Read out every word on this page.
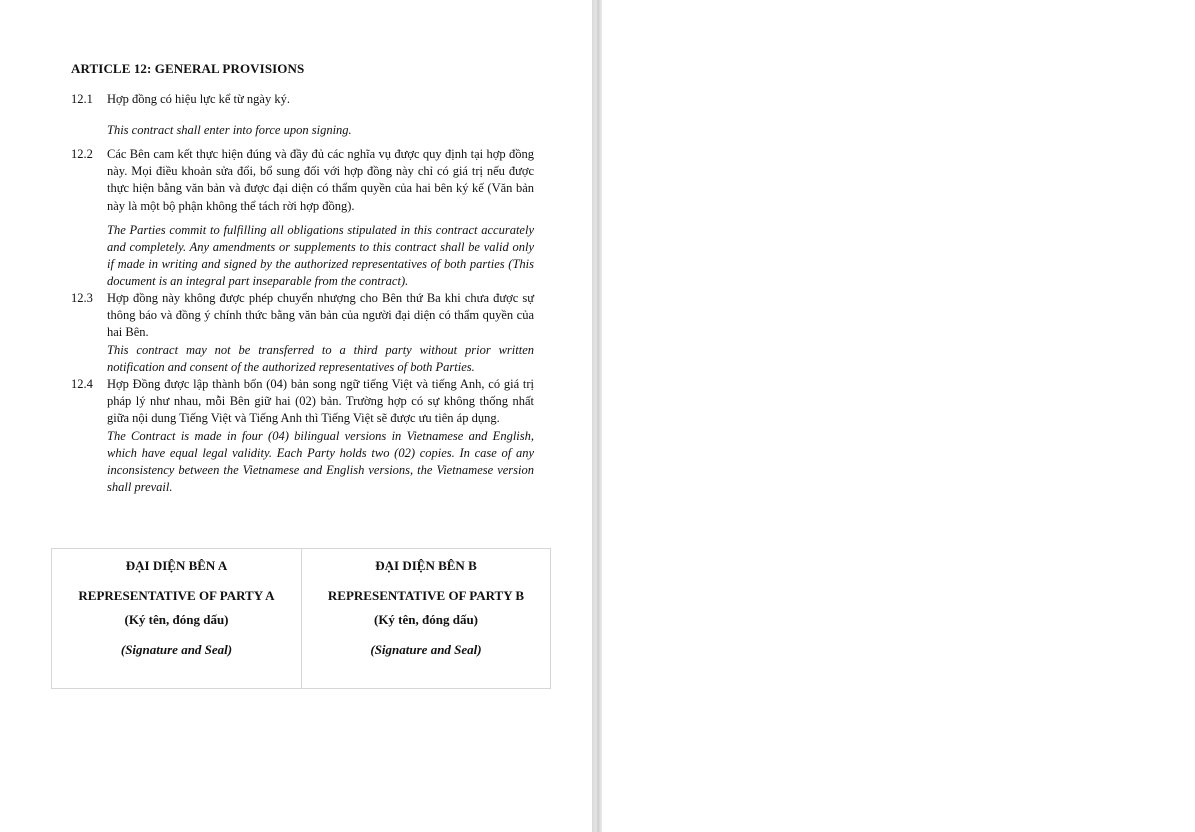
ARTICLE 12: GENERAL PROVISIONS
12.1	Hợp đồng có hiệu lực kể từ ngày ký.
This contract shall enter into force upon signing.
12.2	Các Bên cam kết thực hiện đúng và đầy đủ các nghĩa vụ được quy định tại hợp đồng này. Mọi điều khoản sửa đổi, bổ sung đối với hợp đồng này chỉ có giá trị nếu được thực hiện bằng văn bản và được đại diện có thẩm quyền của hai bên ký kế (Văn bản này là một bộ phận không thể tách rời hợp đồng).
The Parties commit to fulfilling all obligations stipulated in this contract accurately and completely. Any amendments or supplements to this contract shall be valid only if made in writing and signed by the authorized representatives of both parties (This document is an integral part inseparable from the contract).
12.3	Hợp đồng này không được phép chuyển nhượng cho Bên thứ Ba khi chưa được sự thông báo và đồng ý chính thức bằng văn bản của người đại diện có thẩm quyền của hai Bên.
This contract may not be transferred to a third party without prior written notification and consent of the authorized representatives of both Parties.
12.4	Hợp Đồng được lập thành bốn (04) bản song ngữ tiếng Việt và tiếng Anh, có giá trị pháp lý như nhau, mỗi Bên giữ hai (02) bản. Trường hợp có sự không thống nhất giữa nội dung Tiếng Việt và Tiếng Anh thì Tiếng Việt sẽ được ưu tiên áp dụng.
The Contract is made in four (04) bilingual versions in Vietnamese and English, which have equal legal validity. Each Party holds two (02) copies. In case of any inconsistency between the Vietnamese and English versions, the Vietnamese version shall prevail.
ĐẠI DIỆN BÊN A
REPRESENTATIVE OF PARTY A
(Ký tên, đóng dấu)
(Signature and Seal)
ĐẠI DIỆN BÊN B
REPRESENTATIVE OF PARTY B
(Ký tên, đóng dấu)
(Signature and Seal)
